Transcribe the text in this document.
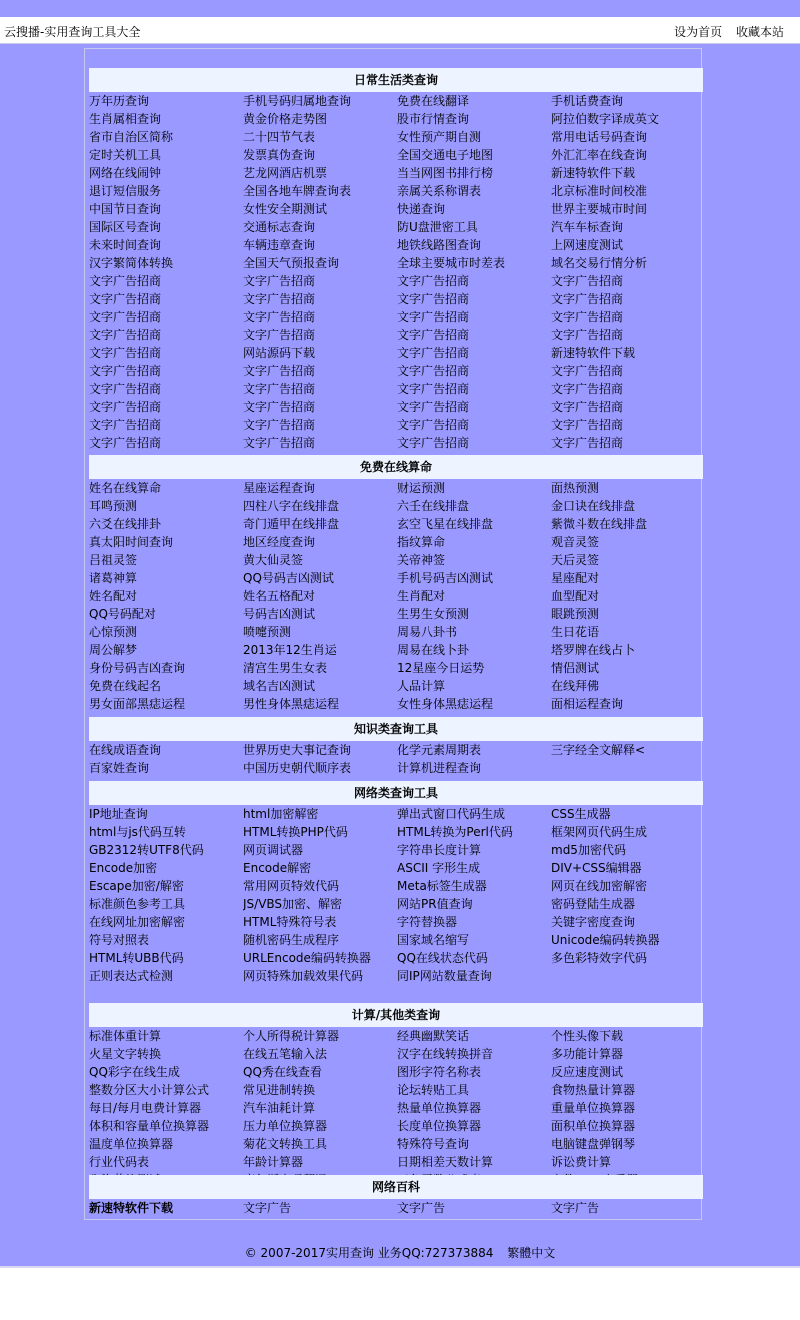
云搜播-实用查询工具大全	设为首页 收藏本站
日常生活类查询
万年历查询	手机号码归属地查询	免费在线翻译	手机话费查询
生肖属相查询	黄金价格走势图	股市行情查询	阿拉伯数字译成英文
省市自治区简称	二十四节气表	女性预产期自测	常用电话号码查询
定时关机工具	发票真伪查询	全国交通电子地图	外汇汇率在线查询
网络在线闹钟	艺龙网酒店机票	当当网图书排行榜	新速特软件下载
退订短信服务	全国各地车牌查询表	亲属关系称谓表	北京标准时间校准
中国节日查询	女性安全期测试	快递查询	世界主要城市时间
国际区号查询	交通标志查询	防U盘泄密工具	汽车车标查询
未来时间查询	车辆违章查询	地铁线路图查询	上网速度测试
汉字繁简体转换	全国天气预报查询	全球主要城市时差表	域名交易行情分析
文字广告招商	文字广告招商	文字广告招商	文字广告招商
文字广告招商	文字广告招商	文字广告招商	文字广告招商
文字广告招商	文字广告招商	文字广告招商	文字广告招商
文字广告招商	文字广告招商	文字广告招商	文字广告招商
文字广告招商	网站源码下载	文字广告招商	新速特软件下载
文字广告招商	文字广告招商	文字广告招商	文字广告招商
文字广告招商	文字广告招商	文字广告招商	文字广告招商
文字广告招商	文字广告招商	文字广告招商	文字广告招商
文字广告招商	文字广告招商	文字广告招商	文字广告招商
文字广告招商	文字广告招商	文字广告招商	文字广告招商
免费在线算命
姓名在线算命	星座运程查询	财运预测	面热预测
耳鸣预测	四柱八字在线排盘	六壬在线排盘	金口诀在线排盘
六爻在线排卦	奇门遁甲在线排盘	玄空飞星在线排盘	紫微斗数在线排盘
真太阳时间查询	地区经度查询	指纹算命	观音灵签
吕祖灵签	黄大仙灵签	关帝神签	天后灵签
诸葛神算	QQ号码吉凶测试	手机号码吉凶测试	星座配对
姓名配对	姓名五格配对	生肖配对	血型配对
QQ号码配对	号码吉凶测试	生男生女预测	眼跳预测
心惊预测	喷嚏预测	周易八卦书	生日花语
周公解梦	2013年12生肖运	周易在线卜卦	塔罗牌在线占卜
身份号码吉凶查询	清宫生男生女表	12星座今日运势	情侣测试
免费在线起名	域名吉凶测试	人品计算	在线拜佛
男女面部黑痣运程	男性身体黑痣运程	女性身体黑痣运程	面相运程查询
知识类查询工具
在线成语查询	世界历史大事记查询	化学元素周期表	三字经全文解释<
百家姓查询	中国历史朝代顺序表	计算机进程查询
网络类查询工具
IP地址查询	html加密解密	弹出式窗口代码生成	CSS生成器
html与js代码互转	HTML转换PHP代码	HTML转换为Perl代码	框架网页代码生成
GB2312转UTF8代码	网页调试器	字符串长度计算	md5加密代码
Encode加密	Encode解密	ASCII 字形生成	DIV+CSS编辑器
Escape加密/解密	常用网页特效代码	Meta标签生成器	网页在线加密解密
标准颜色参考工具	JS/VBS加密、解密	网站PR值查询	密码登陆生成器
在线网址加密解密	HTML特殊符号表	字符替换器	关键字密度查询
符号对照表	随机密码生成程序	国家域名缩写	Unicode编码转换器
HTML转UBB代码	URLEncode编码转换器	QQ在线状态代码	多色彩特效字代码
正则表达式检测	网页特殊加载效果代码	同IP网站数量查询
计算/其他类查询
标准体重计算	个人所得税计算器	经典幽默笑话	个性头像下载
火星文字转换	在线五笔输入法	汉字在线转换拼音	多功能计算器
QQ彩字在线生成	QQ秀在线查看	图形字符名称表	反应速度测试
整数分区大小计算公式	常见进制转换	论坛转贴工具	食物热量计算器
每日/每月电费计算器	汽车油耗计算	热量单位换算器	重量单位换算器
体积和容量单位换算器	压力单位换算器	长度单位换算器	面积单位换算器
温度单位换算器	菊花文转换工具	特殊符号查询	电脑键盘弹钢琴
行业代码表	年龄计算器	日期相差天数计算	诉讼费计算
网络百科
新速特软件下载	文字广告	文字广告	文字广告
© 2007-2017实用查询 业务QQ:727373884 繁體中文
